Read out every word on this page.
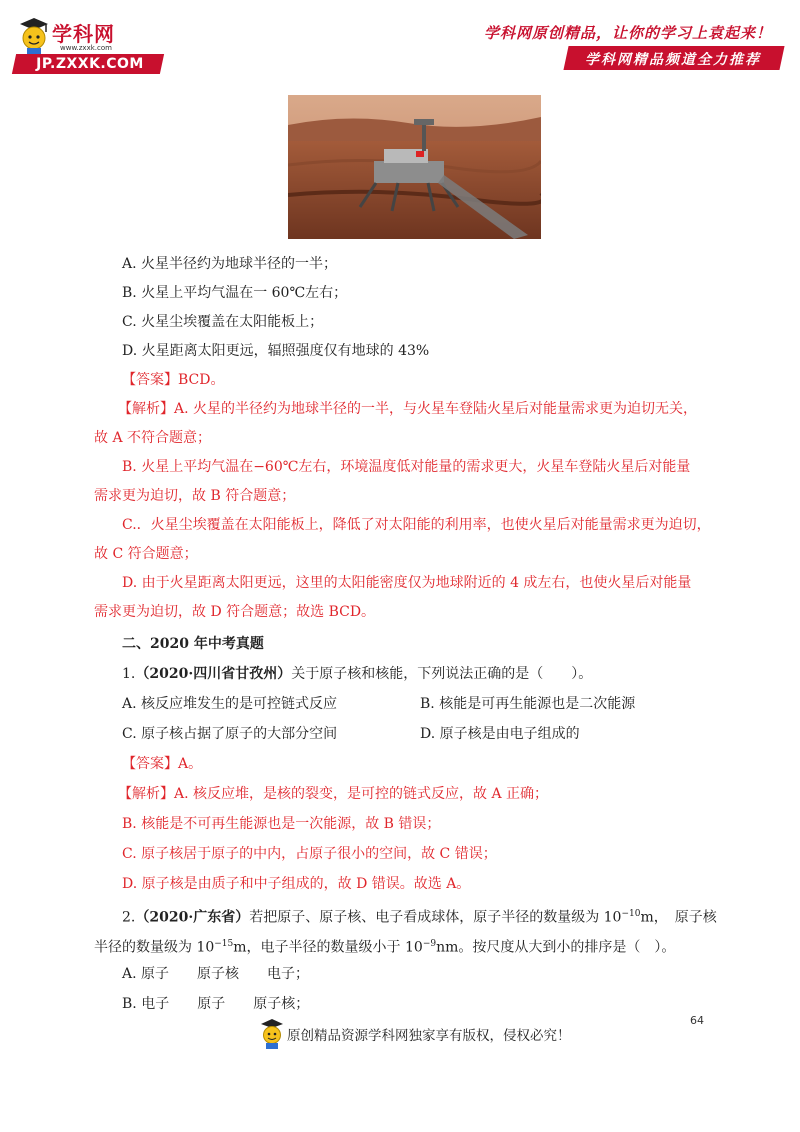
学科网
www.zxxk.com
JP.ZXXK.COM
学科网原创精品，让你的学习上袁起来！
学科网精品频道全力推荐
A. 火星半径约为地球半径的一半；
B. 火星上平均气温在一 60℃左右；
C. 火星尘埃覆盖在太阳能板上；
D. 火星距离太阳更远，辐照强度仅有地球的 43%
【答案】BCD。
【解析】A. 火星的半径约为地球半径的一半，与火星车登陆火星后对能量需求更为迫切无关，
故 A 不符合题意；
B. 火星上平均气温在−60℃左右，环境温度低对能量的需求更大，火星车登陆火星后对能量
需求更为迫切，故 B 符合题意；
C.．火星尘埃覆盖在太阳能板上，降低了对太阳能的利用率，也使火星后对能量需求更为迫切，
故 C 符合题意；
D. 由于火星距离太阳更远，这里的太阳能密度仅为地球附近的 4 成左右，也使火星后对能量
需求更为迫切，故 D 符合题意；故选 BCD。
二、2020 年中考真题
1.（2020·四川省甘孜州）关于原子核和核能，下列说法正确的是（　　）。
A. 核反应堆发生的是可控链式反应	B. 核能是可再生能源也是二次能源
C. 原子核占据了原子的大部分空间	D. 原子核是由电子组成的
【答案】A。
【解析】A. 核反应堆，是核的裂变，是可控的链式反应，故 A 正确；
B. 核能是不可再生能源也是一次能源，故 B 错误；
C. 原子核居于原子的中内，占原子很小的空间，故 C 错误；
D. 原子核是由质子和中子组成的，故 D 错误。故选 A。
2.（2020·广东省）若把原子、原子核、电子看成球体，原子半径的数量级为 $10^{-10}m$，　原子核
半径的数量级为 $10^{-15}m$，电子半径的数量级小于 $10^{-9}nm$。按尺度从大到小的排序是（　）。
A. 原子　　原子核　　电子；
B. 电子　　原子　　原子核；
64
原创精品资源学科网独家享有版权，侵权必究！
